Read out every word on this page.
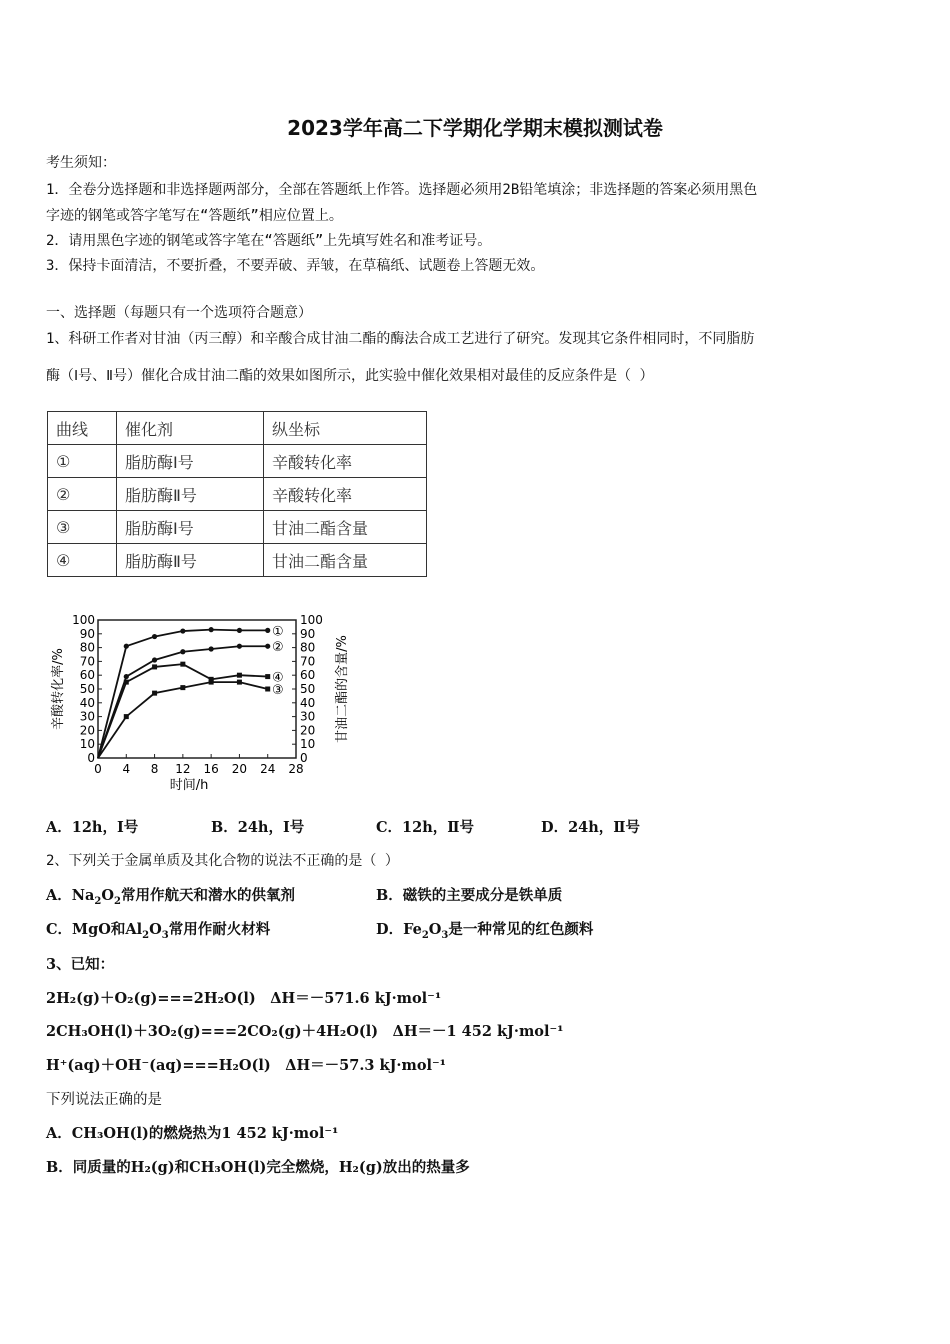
2023学年高二下学期化学期末模拟测试卷
考生须知：
1．全卷分选择题和非选择题两部分，全部在答题纸上作答。选择题必须用2B铅笔填涂；非选择题的答案必须用黑色
字迹的钢笔或答字笔写在“答题纸”相应位置上。
2．请用黑色字迹的钢笔或答字笔在“答题纸”上先填写姓名和准考证号。
3．保持卡面清洁，不要折叠，不要弄破、弄皱，在草稿纸、试题卷上答题无效。
一、选择题（每题只有一个选项符合题意）
1、科研工作者对甘油（丙三醇）和辛酸合成甘油二酯的酶法合成工艺进行了研究。发现其它条件相同时，不同脂肪
酶（Ⅰ号、Ⅱ号）催化合成甘油二酯的效果如图所示，此实验中催化效果相对最佳的反应条件是（ ）
曲线	催化剂	纵坐标
①	脂肪酶Ⅰ号	辛酸转化率
②	脂肪酶Ⅱ号	辛酸转化率
③	脂肪酶Ⅰ号	甘油二酯含量
④	脂肪酶Ⅱ号	甘油二酯含量
0	0
10	10
20	20
30	30
40	40
50	50
60	60
70	70
80	80
90	90
100	100
0 4 8 12 16 20 24 28
时间/h
辛酸转化率/%	甘油二酯的含量/%
①
②
④
③
A．12h，Ⅰ号	B．24h，Ⅰ号	C．12h，Ⅱ号	D．24h，Ⅱ号
2、下列关于金属单质及其化合物的说法不正确的是（ ）
A．$Na_2O_2$常用作航天和潜水的供氧剂	B．磁铁的主要成分是铁单质
C．MgO和$Al_2O_3$常用作耐火材料	D．$Fe_2O_3$是一种常见的红色颜料
3、已知：
2H₂(g)＋O₂(g)===2H₂O(l)　ΔH＝－571.6 kJ·mol⁻¹
2CH₃OH(l)＋3O₂(g)===2CO₂(g)＋4H₂O(l)　ΔH＝－1 452 kJ·mol⁻¹
H⁺(aq)＋OH⁻(aq)===H₂O(l)　ΔH＝－57.3 kJ·mol⁻¹
下列说法正确的是
A．CH₃OH(l)的燃烧热为1 452 kJ·mol⁻¹
B．同质量的H₂(g)和CH₃OH(l)完全燃烧，H₂(g)放出的热量多
